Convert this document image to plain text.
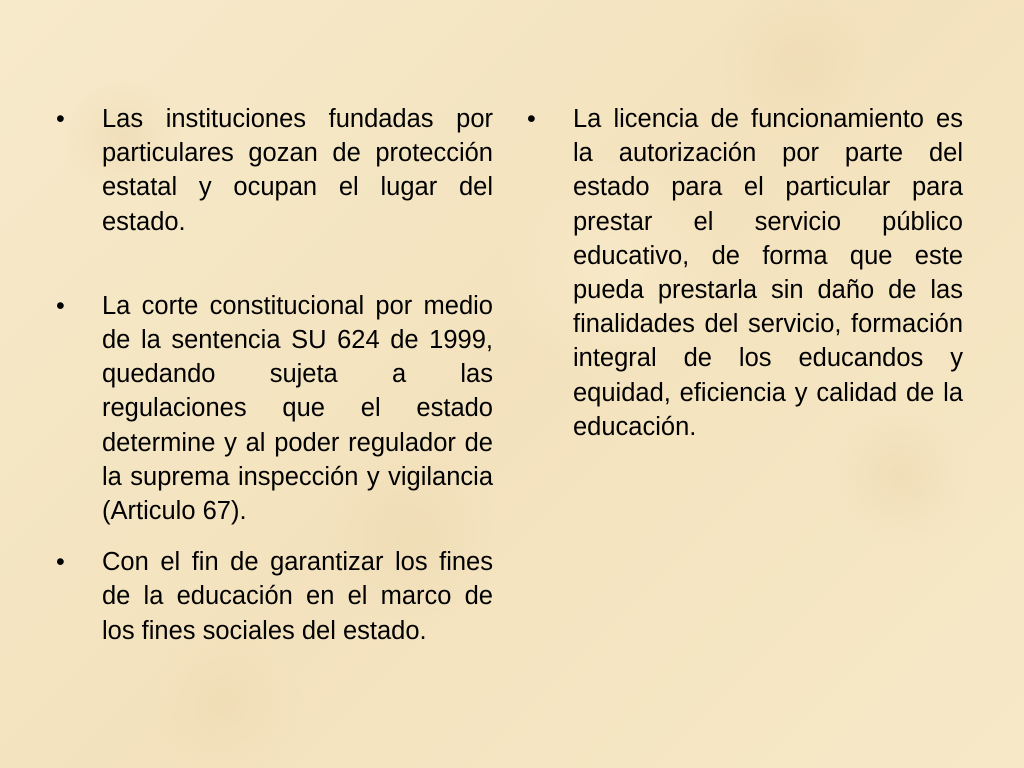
•	Las instituciones fundadas por particulares gozan de protección estatal y ocupan el lugar del estado.
•	La corte constitucional por medio de la sentencia SU 624 de 1999, quedando sujeta a las regulaciones que el estado determine y al poder regulador de la suprema inspección y vigilancia (Articulo 67).
•	Con el fin de garantizar los fines de la educación en el marco de los fines sociales del estado.
•	La licencia de funcionamiento es la autorización por parte del estado para el particular para prestar el servicio público educativo, de forma que este pueda prestarla sin daño de las finalidades del servicio, formación integral de los educandos y equidad, eficiencia y calidad de la educación.
